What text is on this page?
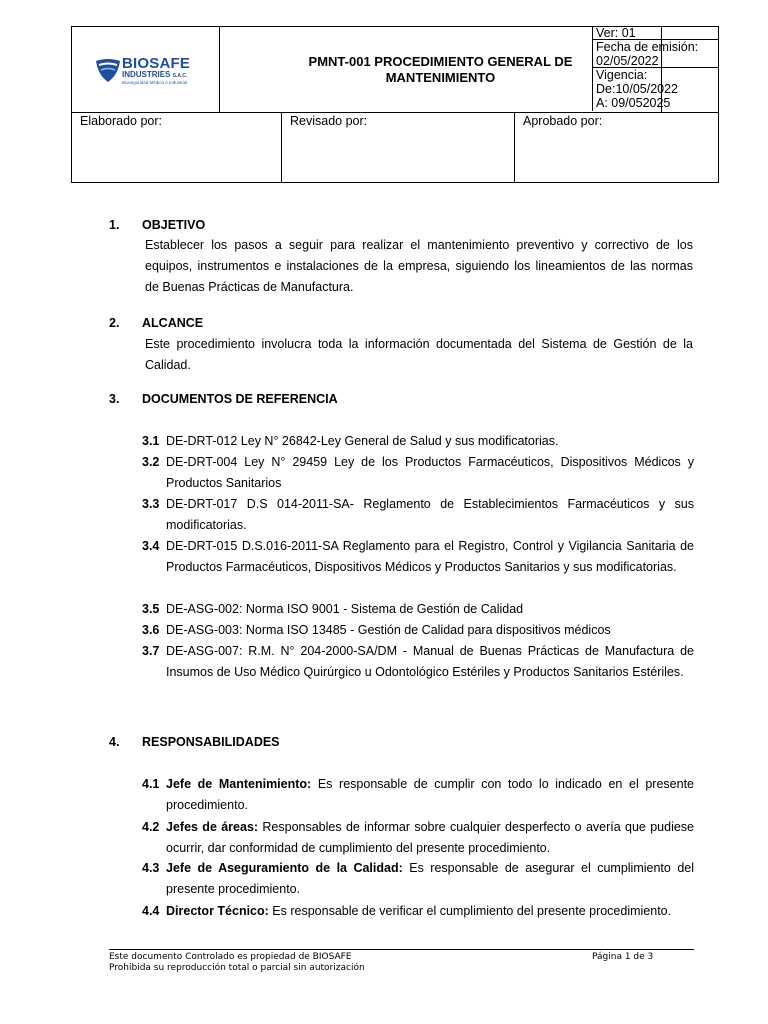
BIOSAFE
INDUSTRIES S.A.C.
Bioseguridad Médica e Industrial
PMNT-001 PROCEDIMIENTO GENERAL DE MANTENIMIENTO
Elaborado por:	Revisado por:	Aprobado por:
Ver: 01
Fecha de emisión:
02/05/2022
Vigencia:
De:10/05/2022
A: 09/052025
1. OBJETIVO
Establecer los pasos a seguir para realizar el mantenimiento preventivo y correctivo de los
equipos, instrumentos e instalaciones de la empresa, siguiendo los lineamientos de las normas
de Buenas Prácticas de Manufactura.
2. ALCANCE
Este procedimiento involucra toda la información documentada del Sistema de Gestión de la
Calidad.
3. DOCUMENTOS DE REFERENCIA
3.1 DE-DRT-012 Ley N° 26842-Ley General de Salud y sus modificatorias.
3.2 DE-DRT-004 Ley N° 29459 Ley de los Productos Farmacéuticos, Dispositivos Médicos y Productos Sanitarios
3.3 DE-DRT-017 D.S 014-2011-SA- Reglamento de Establecimientos Farmacéuticos y sus modificatorias.
3.4 DE-DRT-015 D.S.016-2011-SA Reglamento para el Registro, Control y Vigilancia Sanitaria de Productos Farmacéuticos, Dispositivos Médicos y Productos Sanitarios y sus modificatorias.
3.5 DE-ASG-002: Norma ISO 9001 - Sistema de Gestión de Calidad
3.6 DE-ASG-003: Norma ISO 13485 - Gestión de Calidad para dispositivos médicos
3.7 DE-ASG-007: R.M. N° 204-2000-SA/DM - Manual de Buenas Prácticas de Manufactura de Insumos de Uso Médico Quirúrgico u Odontológico Estériles y Productos Sanitarios Estériles.
4. RESPONSABILIDADES
4.1 Jefe de Mantenimiento: Es responsable de cumplir con todo lo indicado en el presente procedimiento.
4.2 Jefes de áreas: Responsables de informar sobre cualquier desperfecto o avería que pudiese ocurrir, dar conformidad de cumplimiento del presente procedimiento.
4.3 Jefe de Aseguramiento de la Calidad: Es responsable de asegurar el cumplimiento del presente procedimiento.
4.4 Director Técnico: Es responsable de verificar el cumplimiento del presente procedimiento.
Este documento Controlado es propiedad de BIOSAFE
Prohibida su reproducción total o parcial sin autorización
Página 1 de 3
